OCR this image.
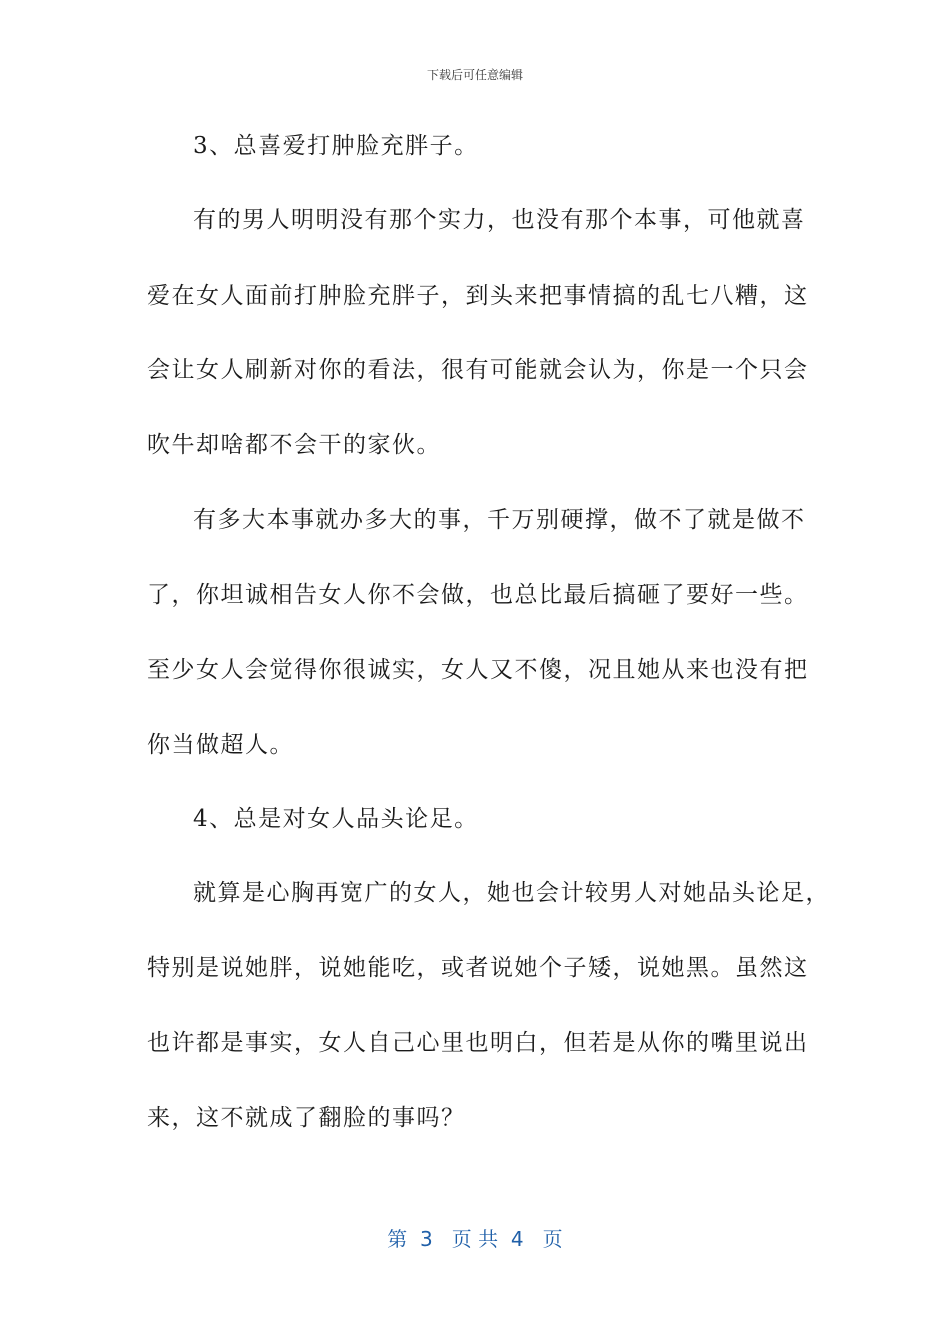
下载后可任意编辑
3、总喜爱打肿脸充胖子。
有的男人明明没有那个实力，也没有那个本事，可他就喜
爱在女人面前打肿脸充胖子，到头来把事情搞的乱七八糟，这
会让女人刷新对你的看法，很有可能就会认为，你是一个只会
吹牛却啥都不会干的家伙。
有多大本事就办多大的事，千万别硬撑，做不了就是做不
了，你坦诚相告女人你不会做，也总比最后搞砸了要好一些。
至少女人会觉得你很诚实，女人又不傻，况且她从来也没有把
你当做超人。
4、总是对女人品头论足。
就算是心胸再宽广的女人，她也会计较男人对她品头论足，
特别是说她胖，说她能吃，或者说她个子矮，说她黑。虽然这
也许都是事实，女人自己心里也明白，但若是从你的嘴里说出
来，这不就成了翻脸的事吗？
第  3   页 共  4   页
